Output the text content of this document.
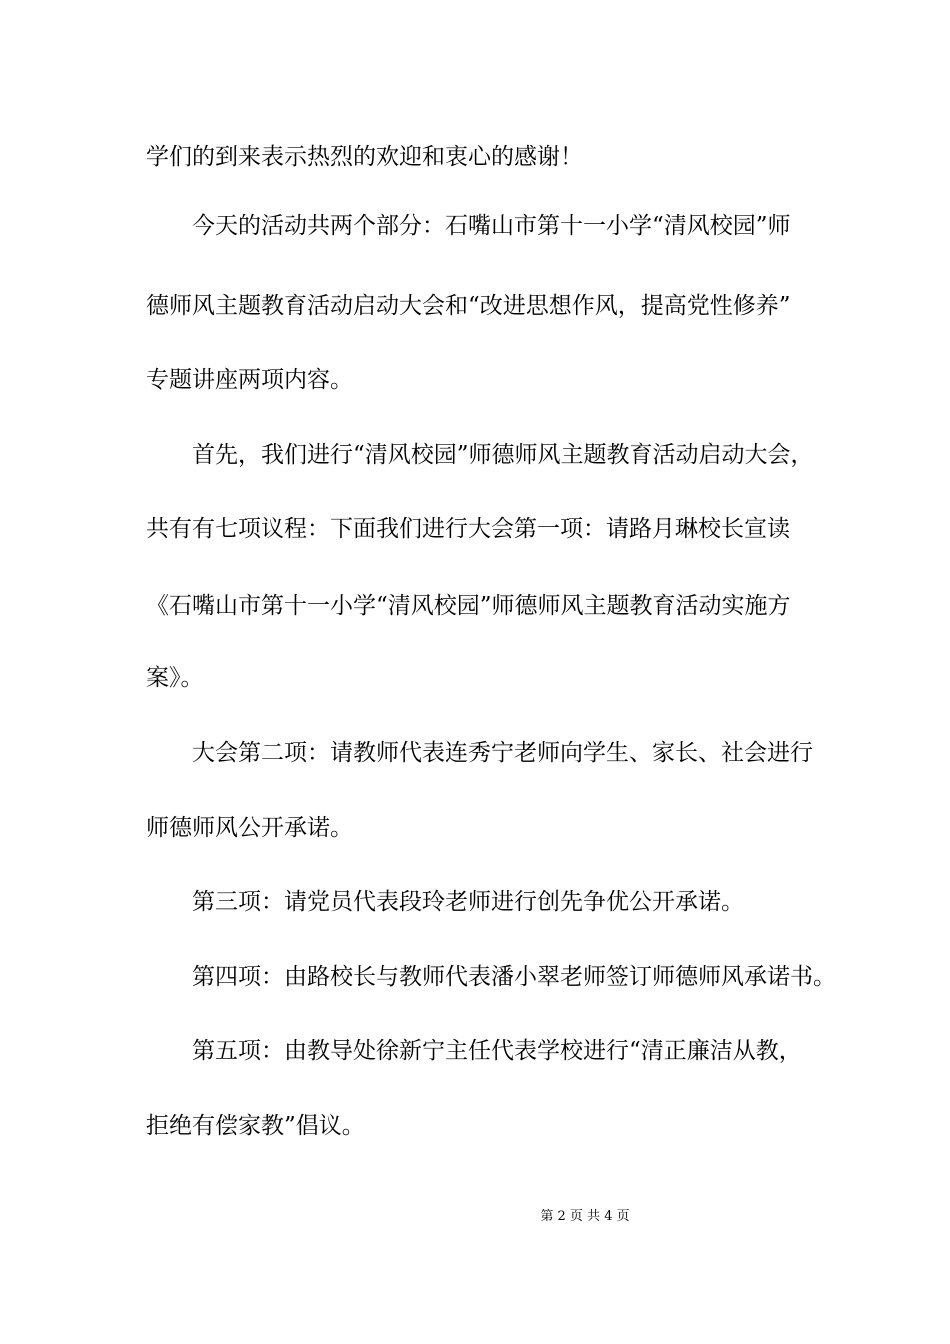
学们的到来表示热烈的欢迎和衷心的感谢！
　　今天的活动共两个部分：石嘴山市第十一小学“清风校园”师
德师风主题教育活动启动大会和“改进思想作风，提高党性修养”
专题讲座两项内容。
　　首先，我们进行“清风校园”师德师风主题教育活动启动大会，
共有有七项议程：下面我们进行大会第一项：请路月琳校长宣读
《石嘴山市第十一小学“清风校园”师德师风主题教育活动实施方
案》。
　　大会第二项：请教师代表连秀宁老师向学生、家长、社会进行
师德师风公开承诺。
　　第三项：请党员代表段玲老师进行创先争优公开承诺。
　　第四项：由路校长与教师代表潘小翠老师签订师德师风承诺书。
　　第五项：由教导处徐新宁主任代表学校进行“清正廉洁从教，
拒绝有偿家教”倡议。
第 2 页 共 4 页
